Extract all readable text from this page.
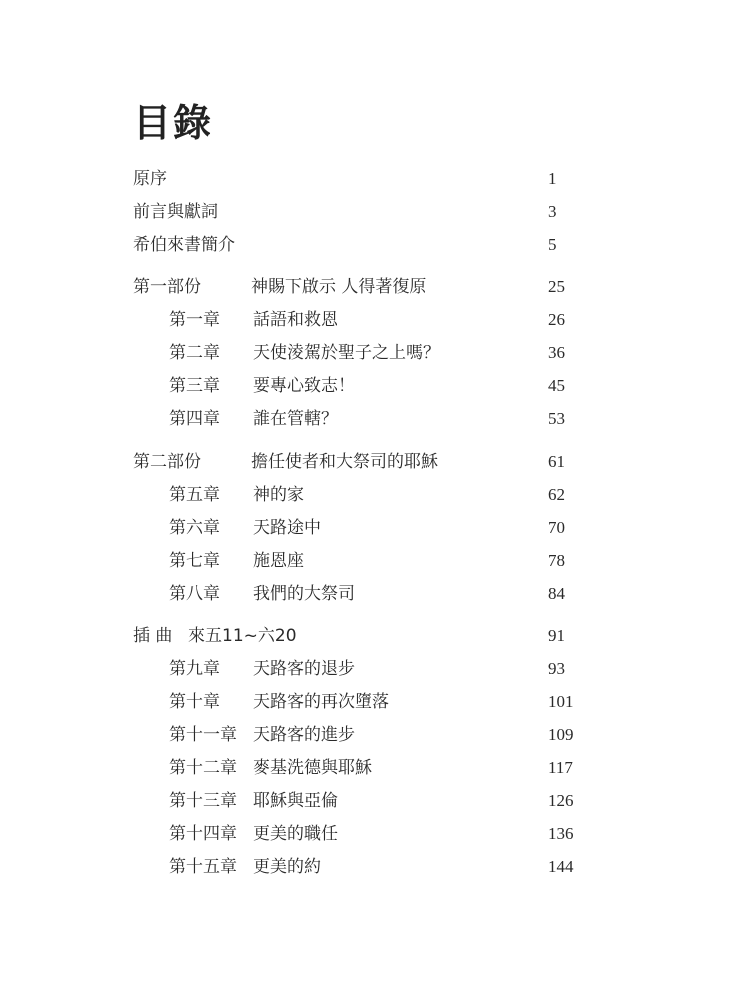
目錄
原序	1
前言與獻詞	3
希伯來書簡介	5
第一部份	神賜下啟示 人得著復原	25
第一章 話語和救恩	26
第二章 天使淩駕於聖子之上嗎？	36
第三章 要專心致志！	45
第四章 誰在管轄？	53
第二部份	擔任使者和大祭司的耶穌	61
第五章 神的家	62
第六章 天路途中	70
第七章 施恩座	78
第八章 我們的大祭司	84
插 曲 來五11~六20	91
第九章 天路客的退步	93
第十章 天路客的再次墮落	101
第十一章 天路客的進步	109
第十二章 麥基洗德與耶穌	117
第十三章 耶穌與亞倫	126
第十四章 更美的職任	136
第十五章 更美的約	144
